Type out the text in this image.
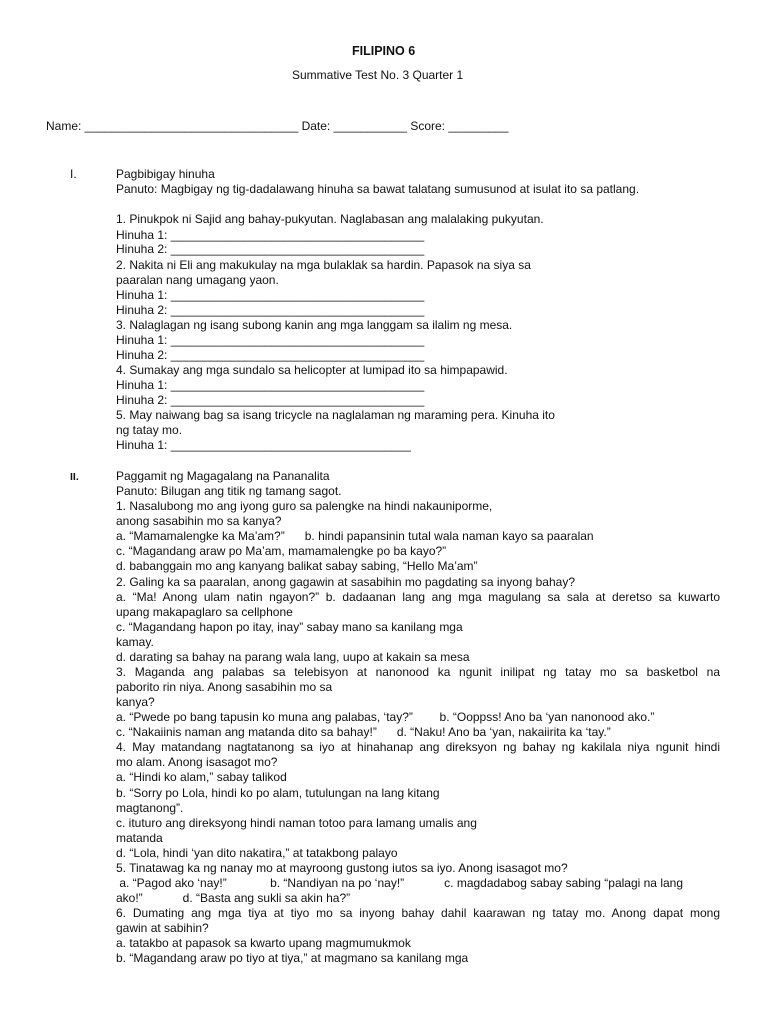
FILIPINO 6
Summative Test No. 3 Quarter 1
Name: ________________________________ Date: ___________ Score: _________
I.	Pagbibigay hinuha
Panuto: Magbigay ng tig-dadalawang hinuha sa bawat talatang sumusunod at isulat ito sa patlang.
1. Pinukpok ni Sajid ang bahay-pukyutan. Naglabasan ang malalaking pukyutan.
Hinuha 1: ______________________________________
Hinuha 2: ______________________________________
2. Nakita ni Eli ang makukulay na mga bulaklak sa hardin. Papasok na siya sa
paaralan nang umagang yaon.
Hinuha 1: ______________________________________
Hinuha 2: ______________________________________
3. Nalaglagan ng isang subong kanin ang mga langgam sa ilalim ng mesa.
Hinuha 1: ______________________________________
Hinuha 2: ______________________________________
4. Sumakay ang mga sundalo sa helicopter at lumipad ito sa himpapawid.
Hinuha 1: ______________________________________
Hinuha 2: ______________________________________
5. May naiwang bag sa isang tricycle na naglalaman ng maraming pera. Kinuha ito
ng tatay mo.
Hinuha 1: ____________________________________
II.	Paggamit ng Magagalang na Pananalita
Panuto: Bilugan ang titik ng tamang sagot.
1. Nasalubong mo ang iyong guro sa palengke na hindi nakauniporme,
anong sasabihin mo sa kanya?
a. “Mamamalengke ka Ma’am?”      b. hindi papansinin tutal wala naman kayo sa paaralan
c. “Magandang araw po Ma’am, mamamalengke po ba kayo?”
d. babanggain mo ang kanyang balikat sabay sabing, “Hello Ma’am”
2. Galing ka sa paaralan, anong gagawin at sasabihin mo pagdating sa inyong bahay?
a. “Ma! Anong ulam natin ngayon?” b. dadaanan lang ang mga magulang sa sala at deretso sa kuwarto
upang makapaglaro sa cellphone
c. “Magandang hapon po itay, inay” sabay mano sa kanilang mga
kamay.
d. darating sa bahay na parang wala lang, uupo at kakain sa mesa
3. Maganda ang palabas sa telebisyon at nanonood ka ngunit inilipat ng tatay mo sa basketbol na
paborito rin niya. Anong sasabihin mo sa
kanya?
a. “Pwede po bang tapusin ko muna ang palabas, ‘tay?”        b. “Ooppss! Ano ba ‘yan nanonood ako.”
c. “Nakaiinis naman ang matanda dito sa bahay!”      d. “Naku! Ano ba ‘yan, nakaiirita ka ‘tay.”
4. May matandang nagtatanong sa iyo at hinahanap ang direksyon ng bahay ng kakilala niya ngunit hindi
mo alam. Anong isasagot mo?
a. “Hindi ko alam,” sabay talikod
b. “Sorry po Lola, hindi ko po alam, tutulungan na lang kitang
magtanong”.
c. ituturo ang direksyong hindi naman totoo para lamang umalis ang
matanda
d. “Lola, hindi ‘yan dito nakatira,” at tatakbong palayo
5. Tinatawag ka ng nanay mo at mayroong gustong iutos sa iyo. Anong isasagot mo?
a. “Pagod ako ‘nay!”             b. “Nandiyan na po ‘nay!”            c. magdadabog sabay sabing “palagi na lang
ako!”            d. “Basta ang sukli sa akin ha?”
6. Dumating ang mga tiya at tiyo mo sa inyong bahay dahil kaarawan ng tatay mo. Anong dapat mong
gawin at sabihin?
a. tatakbo at papasok sa kwarto upang magmumukmok
b. “Magandang araw po tiyo at tiya,” at magmano sa kanilang mga
